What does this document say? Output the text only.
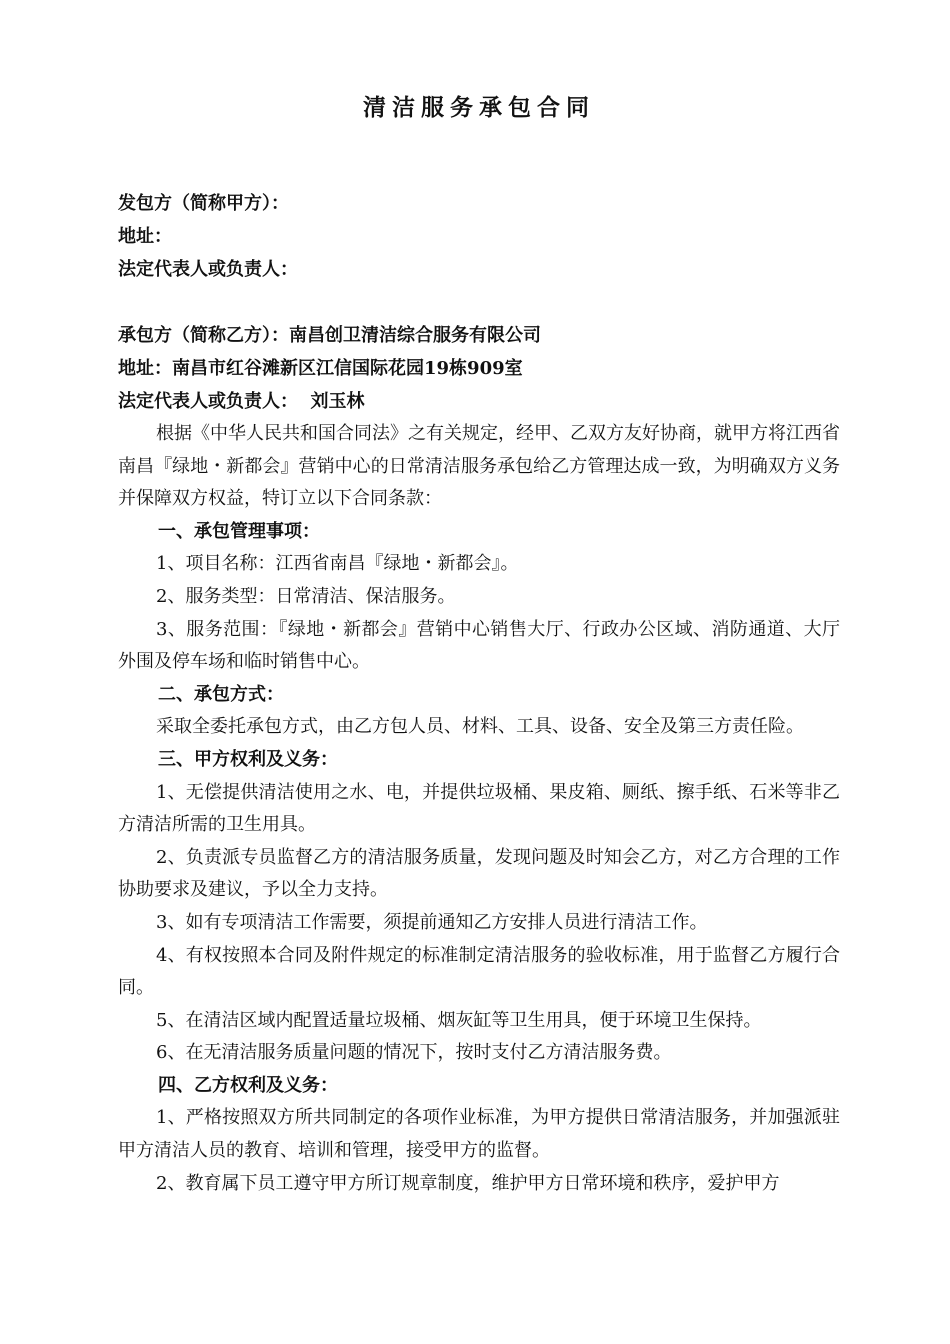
清洁服务承包合同
发包方（简称甲方）：
地址：
法定代表人或负责人：
承包方（简称乙方）：南昌创卫清洁综合服务有限公司
地址：南昌市红谷滩新区江信国际花园19栋909室
法定代表人或负责人：  刘玉林

根据《中华人民共和国合同法》之有关规定，经甲、乙双方友好协商，就甲方将江西省南昌『绿地・新都会』营销中心的日常清洁服务承包给乙方管理达成一致，为明确双方义务并保障双方权益，特订立以下合同条款：

一、承包管理事项：

1、项目名称：江西省南昌『绿地・新都会』。

2、服务类型：日常清洁、保洁服务。

3、服务范围：『绿地・新都会』营销中心销售大厅、行政办公区域、消防通道、大厅外围及停车场和临时销售中心。

二、承包方式：

采取全委托承包方式，由乙方包人员、材料、工具、设备、安全及第三方责任险。

三、甲方权利及义务：

1、无偿提供清洁使用之水、电，并提供垃圾桶、果皮箱、厕纸、擦手纸、石米等非乙方清洁所需的卫生用具。

2、负责派专员监督乙方的清洁服务质量，发现问题及时知会乙方，对乙方合理的工作协助要求及建议，予以全力支持。

3、如有专项清洁工作需要，须提前通知乙方安排人员进行清洁工作。

4、有权按照本合同及附件规定的标准制定清洁服务的验收标准，用于监督乙方履行合同。

5、在清洁区域内配置适量垃圾桶、烟灰缸等卫生用具，便于环境卫生保持。

6、在无清洁服务质量问题的情况下，按时支付乙方清洁服务费。

四、乙方权利及义务：

1、严格按照双方所共同制定的各项作业标准，为甲方提供日常清洁服务，并加强派驻甲方清洁人员的教育、培训和管理，接受甲方的监督。

2、教育属下员工遵守甲方所订规章制度，维护甲方日常环境和秩序，爱护甲方
